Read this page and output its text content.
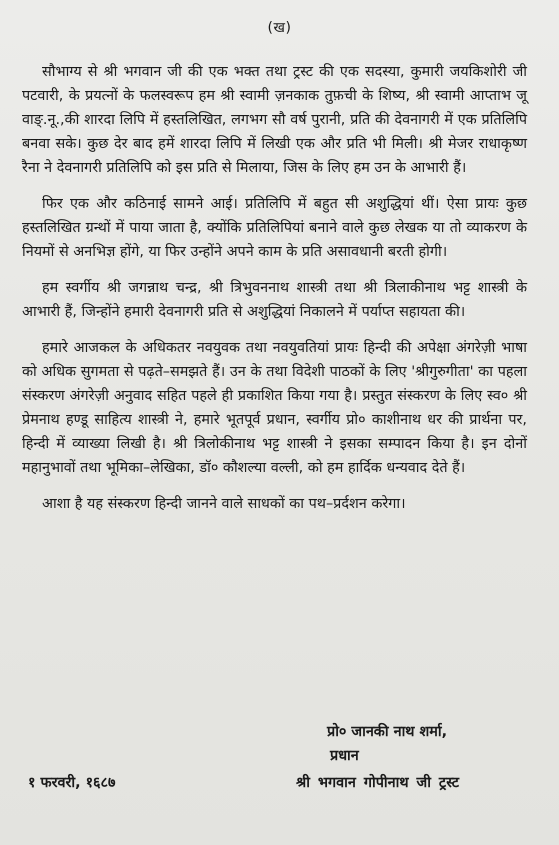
(ख)

सौभाग्य से श्री भगवान जी की एक भक्त तथा ट्रस्ट की एक सदस्या, कुमारी जयकिशोरी जी पटवारी, के प्रयत्नों के फलस्वरूप हम श्री स्वामी ज़नकाक तुफ़ची के शिष्य, श्री स्वामी आप्ताभ जू वाङ्.नू.,की शारदा लिपि में हस्तलिखित, लगभग सौ वर्ष पुरानी, प्रति की देवनागरी में एक प्रतिलिपि बनवा सके। कुछ देर बाद हमें शारदा लिपि में लिखी एक और प्रति भी मिली। श्री मेजर राधाकृष्ण रैना ने देवनागरी प्रतिलिपि को इस प्रति से मिलाया, जिस के लिए हम उन के आभारी हैं।

फिर एक और कठिनाई सामने आई। प्रतिलिपि में बहुत सी अशुद्धियां थीं। ऐसा प्रायः कुछ हस्तलिखित ग्रन्थों में पाया जाता है, क्योंकि प्रतिलिपियां बनाने वाले कुछ लेखक या तो व्याकरण के नियमों से अनभिज्ञ होंगे, या फिर उन्होंने अपने काम के प्रति असावधानी बरती होगी।

हम स्वर्गीय श्री जगन्नाथ चन्द्र, श्री त्रिभुवननाथ शास्त्री तथा श्री त्रिलाकीनाथ भट्ट शास्त्री के आभारी हैं, जिन्होंने हमारी देवनागरी प्रति से अशुद्धियां निकालने में पर्याप्त सहायता की।

हमारे आजकल के अधिकतर नवयुवक तथा नवयुवतियां प्रायः हिन्दी की अपेक्षा अंगरेज़ी भाषा को अधिक सुगमता से पढ़ते–समझते हैं। उन के तथा विदेशी पाठकों के लिए 'श्रीगुरुगीता' का पहला संस्करण अंगरेज़ी अनुवाद सहित पहले ही प्रकाशित किया गया है। प्रस्तुत संस्करण के लिए स्व० श्री प्रेमनाथ हण्डू साहित्य शास्त्री ने, हमारे भूतपूर्व प्रधान, स्वर्गीय प्रो० काशीनाथ धर की प्रार्थना पर, हिन्दी में व्याख्या लिखी है। श्री त्रिलोकीनाथ भट्ट शास्त्री ने इसका सम्पादन किया है। इन दोनों महानुभावों तथा भूमिका–लेखिका, डॉ० कौशल्या वल्ली, को हम हार्दिक धन्यवाद देते हैं।

आशा है यह संस्करण हिन्दी जानने वाले साधकों का पथ–प्रर्दशन करेगा।

प्रो० जानकी नाथ शर्मा,
प्रधान
१ फरवरी, १६८७	श्री भगवान गोपीनाथ जी ट्रस्ट
